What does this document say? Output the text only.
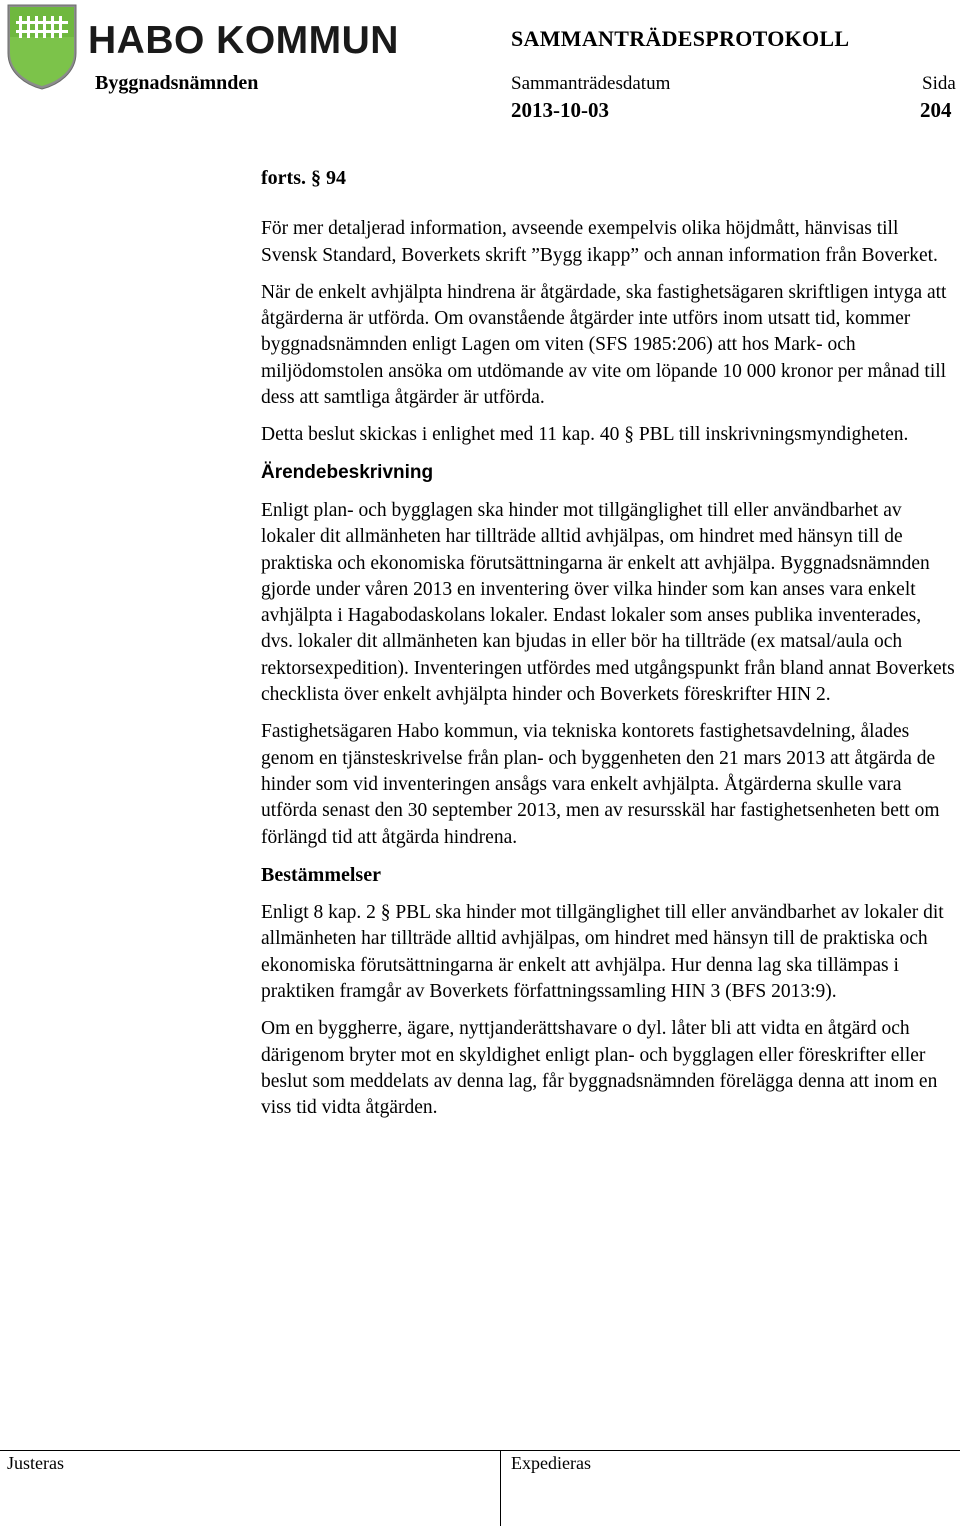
HABO KOMMUN	SAMMANTRÄDESPROTOKOLL
Byggnadsnämnden	Sammanträdesdatum	Sida
2013-10-03	204

forts. § 94

För mer detaljerad information, avseende exempelvis olika höjdmått, hänvisas till Svensk Standard, Boverkets skrift ”Bygg ikapp” och annan information från Boverket.

När de enkelt avhjälpta hindrena är åtgärdade, ska fastighetsägaren skriftligen intyga att åtgärderna är utförda. Om ovanstående åtgärder inte utförs inom utsatt tid, kommer byggnadsnämnden enligt Lagen om viten (SFS 1985:206) att hos Mark- och miljödomstolen ansöka om utdömande av vite om löpande 10 000 kronor per månad till dess att samtliga åtgärder är utförda.

Detta beslut skickas i enlighet med 11 kap. 40 § PBL till inskrivningsmyndigheten.

Ärendebeskrivning

Enligt plan- och bygglagen ska hinder mot tillgänglighet till eller användbarhet av lokaler dit allmänheten har tillträde alltid avhjälpas, om hindret med hänsyn till de praktiska och ekonomiska förutsättningarna är enkelt att avhjälpa. Byggnadsnämnden gjorde under våren 2013 en inventering över vilka hinder som kan anses vara enkelt avhjälpta i Hagabodaskolans lokaler. Endast lokaler som anses publika inventerades, dvs. lokaler dit allmänheten kan bjudas in eller bör ha tillträde (ex matsal/aula och rektorsexpedition). Inventeringen utfördes med utgångspunkt från bland annat Boverkets checklista över enkelt avhjälpta hinder och Boverkets föreskrifter HIN 2.

Fastighetsägaren Habo kommun, via tekniska kontorets fastighetsavdelning, ålades genom en tjänsteskrivelse från plan- och byggenheten den 21 mars 2013 att åtgärda de hinder som vid inventeringen ansågs vara enkelt avhjälpta. Åtgärderna skulle vara utförda senast den 30 september 2013, men av resursskäl har fastighetsenheten bett om förlängd tid att åtgärda hindrena.

Bestämmelser

Enligt 8 kap. 2 § PBL ska hinder mot tillgänglighet till eller användbarhet av lokaler dit allmänheten har tillträde alltid avhjälpas, om hindret med hänsyn till de praktiska och ekonomiska förutsättningarna är enkelt att avhjälpa. Hur denna lag ska tillämpas i praktiken framgår av Boverkets författningssamling HIN 3 (BFS 2013:9).

Om en byggherre, ägare, nyttjanderättshavare o dyl. låter bli att vidta en åtgärd och därigenom bryter mot en skyldighet enligt plan- och bygglagen eller föreskrifter eller beslut som meddelats av denna lag, får byggnadsnämnden förelägga denna att inom en viss tid vidta åtgärden.

Justeras	Expedieras
